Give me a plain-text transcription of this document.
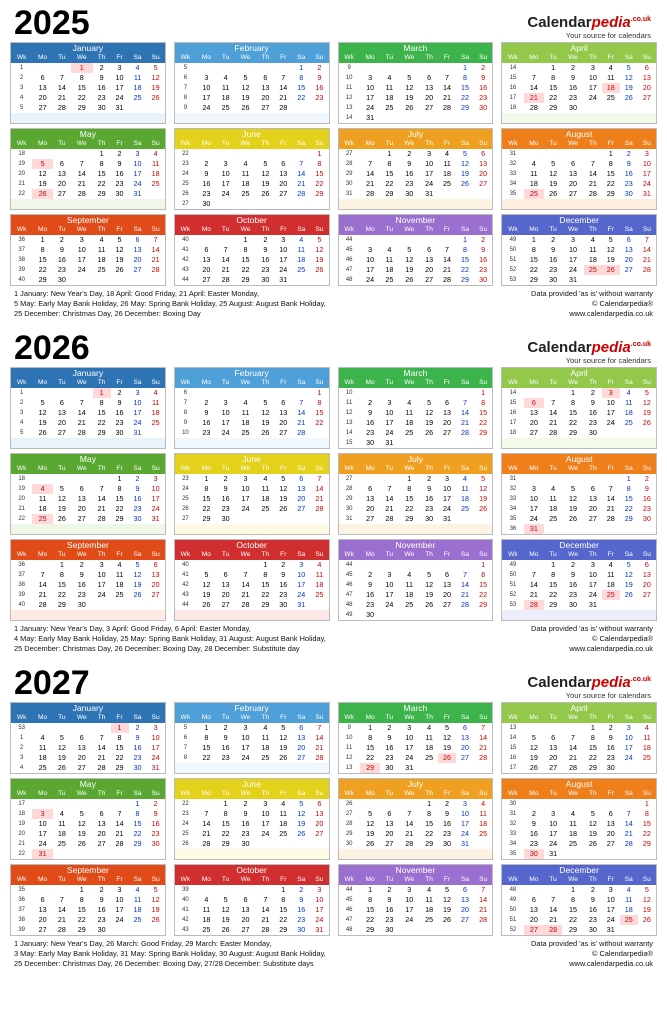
2025	Calendarpedia$^{.co.uk}$
Your source for calendars
January							
Wk	Mo	Tu	We	Th	Fr	Sa	Su
1			1	2	3	4	5
2	6	7	8	9	10	11	12
3	13	14	15	16	17	18	19
4	20	21	22	23	24	25	26
5	27	28	29	30	31		
February							
Wk	Mo	Tu	We	Th	Fr	Sa	Su
5						1	2
6	3	4	5	6	7	8	9
7	10	11	12	13	14	15	16
8	17	18	19	20	21	22	23
9	24	25	26	27	28		
March							
Wk	Mo	Tu	We	Th	Fr	Sa	Su
9						1	2
10	3	4	5	6	7	8	9
11	10	11	12	13	14	15	16
12	17	18	19	20	21	22	23
13	24	25	26	27	28	29	30
14	31						
April							
Wk	Mo	Tu	We	Th	Fr	Sa	Su
14		1	2	3	4	5	6
15	7	8	9	10	11	12	13
16	14	15	16	17	18	19	20
17	21	22	23	24	25	26	27
18	28	29	30				
May							
Wk	Mo	Tu	We	Th	Fr	Sa	Su
18				1	2	3	4
19	5	6	7	8	9	10	11
20	12	13	14	15	16	17	18
21	19	20	21	22	23	24	25
22	26	27	28	29	30	31	
June							
Wk	Mo	Tu	We	Th	Fr	Sa	Su
22							1
23	2	3	4	5	6	7	8
24	9	10	11	12	13	14	15
25	16	17	18	19	20	21	22
26	23	24	25	26	27	28	29
27	30						
July							
Wk	Mo	Tu	We	Th	Fr	Sa	Su
27		1	2	3	4	5	6
28	7	8	9	10	11	12	13
29	14	15	16	17	18	19	20
30	21	22	23	24	25	26	27
31	28	29	30	31			
August							
Wk	Mo	Tu	We	Th	Fr	Sa	Su
31					1	2	3
32	4	5	6	7	8	9	10
33	11	12	13	14	15	16	17
34	18	19	20	21	22	23	24
35	25	26	27	28	29	30	31
September							
Wk	Mo	Tu	We	Th	Fr	Sa	Su
36	1	2	3	4	5	6	7
37	8	9	10	11	12	13	14
38	15	16	17	18	19	20	21
39	22	23	24	25	26	27	28
40	29	30					
October							
Wk	Mo	Tu	We	Th	Fr	Sa	Su
40			1	2	3	4	5
41	6	7	8	9	10	11	12
42	13	14	15	16	17	18	19
43	20	21	22	23	24	25	26
44	27	28	29	30	31		
November							
Wk	Mo	Tu	We	Th	Fr	Sa	Su
44						1	2
45	3	4	5	6	7	8	9
46	10	11	12	13	14	15	16
47	17	18	19	20	21	22	23
48	24	25	26	27	28	29	30
December							
Wk	Mo	Tu	We	Th	Fr	Sa	Su
49	1	2	3	4	5	6	7
50	8	9	10	11	12	13	14
51	15	16	17	18	19	20	21
52	22	23	24	25	26	27	28
53	29	30	31				
1 January: New Year's Day, 18 April: Good Friday, 21 April: Easter Monday,
5 May: Early May Bank Holiday, 26 May: Spring Bank Holiday, 25 August: August Bank Holiday,
25 December: Christmas Day, 26 December: Boxing Day
Data provided 'as is' without warranty
© Calendarpedia®
www.calendarpedia.co.uk
2026	Calendarpedia$^{.co.uk}$
Your source for calendars
January							
Wk	Mo	Tu	We	Th	Fr	Sa	Su
1				1	2	3	4
2	5	6	7	8	9	10	11
3	12	13	14	15	16	17	18
4	19	20	21	22	23	24	25
5	26	27	28	29	30	31	
February							
Wk	Mo	Tu	We	Th	Fr	Sa	Su
6							1
7	2	3	4	5	6	7	8
8	9	10	11	12	13	14	15
9	16	17	18	19	20	21	22
10	23	24	25	26	27	28	
March							
Wk	Mo	Tu	We	Th	Fr	Sa	Su
10							1
11	2	3	4	5	6	7	8
12	9	10	11	12	13	14	15
13	16	17	18	19	20	21	22
14	23	24	25	26	27	28	29
15	30	31					
April							
Wk	Mo	Tu	We	Th	Fr	Sa	Su
14			1	2	3	4	5
15	6	7	8	9	10	11	12
16	13	14	15	16	17	18	19
17	20	21	22	23	24	25	26
18	27	28	29	30			
May							
Wk	Mo	Tu	We	Th	Fr	Sa	Su
18					1	2	3
19	4	5	6	7	8	9	10
20	11	12	13	14	15	16	17
21	18	19	20	21	22	23	24
22	25	26	27	28	29	30	31
June							
Wk	Mo	Tu	We	Th	Fr	Sa	Su
23	1	2	3	4	5	6	7
24	8	9	10	11	12	13	14
25	15	16	17	18	19	20	21
26	22	23	24	25	26	27	28
27	29	30					
July							
Wk	Mo	Tu	We	Th	Fr	Sa	Su
27			1	2	3	4	5
28	6	7	8	9	10	11	12
29	13	14	15	16	17	18	19
30	20	21	22	23	24	25	26
31	27	28	29	30	31		
August							
Wk	Mo	Tu	We	Th	Fr	Sa	Su
31						1	2
32	3	4	5	6	7	8	9
33	10	11	12	13	14	15	16
34	17	18	19	20	21	22	23
35	24	25	26	27	28	29	30
36	31						
September							
Wk	Mo	Tu	We	Th	Fr	Sa	Su
36		1	2	3	4	5	6
37	7	8	9	10	11	12	13
38	14	15	16	17	18	19	20
39	21	22	23	24	25	26	27
40	28	29	30				
October							
Wk	Mo	Tu	We	Th	Fr	Sa	Su
40				1	2	3	4
41	5	6	7	8	9	10	11
42	12	13	14	15	16	17	18
43	19	20	21	22	23	24	25
44	26	27	28	29	30	31	
November							
Wk	Mo	Tu	We	Th	Fr	Sa	Su
44							1
45	2	3	4	5	6	7	8
46	9	10	11	12	13	14	15
47	16	17	18	19	20	21	22
48	23	24	25	26	27	28	29
49	30						
December							
Wk	Mo	Tu	We	Th	Fr	Sa	Su
49		1	2	3	4	5	6
50	7	8	9	10	11	12	13
51	14	15	16	17	18	19	20
52	21	22	23	24	25	26	27
53	28	29	30	31			
1 January: New Year's Day, 3 April: Good Friday, 6 April: Easter Monday,
4 May: Early May Bank Holiday, 25 May: Spring Bank Holiday, 31 August: August Bank Holiday,
25 December: Christmas Day, 26 December: Boxing Day, 28 December: Substitute day
Data provided 'as is' without warranty
© Calendarpedia®
www.calendarpedia.co.uk
2027	Calendarpedia$^{.co.uk}$
Your source for calendars
January							
Wk	Mo	Tu	We	Th	Fr	Sa	Su
53					1	2	3
1	4	5	6	7	8	9	10
2	11	12	13	14	15	16	17
3	18	19	20	21	22	23	24
4	25	26	27	28	29	30	31
February							
Wk	Mo	Tu	We	Th	Fr	Sa	Su
5	1	2	3	4	5	6	7
6	8	9	10	11	12	13	14
7	15	16	17	18	19	20	21
8	22	23	24	25	26	27	28
March							
Wk	Mo	Tu	We	Th	Fr	Sa	Su
9	1	2	3	4	5	6	7
10	8	9	10	11	12	13	14
11	15	16	17	18	19	20	21
12	22	23	24	25	26	27	28
13	29	30	31				
April							
Wk	Mo	Tu	We	Th	Fr	Sa	Su
13				1	2	3	4
14	5	6	7	8	9	10	11
15	12	13	14	15	16	17	18
16	19	20	21	22	23	24	25
17	26	27	28	29	30		
May							
Wk	Mo	Tu	We	Th	Fr	Sa	Su
17						1	2
18	3	4	5	6	7	8	9
19	10	11	12	13	14	15	16
20	17	18	19	20	21	22	23
21	24	25	26	27	28	29	30
22	31						
June							
Wk	Mo	Tu	We	Th	Fr	Sa	Su
22		1	2	3	4	5	6
23	7	8	9	10	11	12	13
24	14	15	16	17	18	19	20
25	21	22	23	24	25	26	27
26	28	29	30				
July							
Wk	Mo	Tu	We	Th	Fr	Sa	Su
26				1	2	3	4
27	5	6	7	8	9	10	11
28	12	13	14	15	16	17	18
29	19	20	21	22	23	24	25
30	26	27	28	29	30	31	
August							
Wk	Mo	Tu	We	Th	Fr	Sa	Su
30							1
31	2	3	4	5	6	7	8
32	9	10	11	12	13	14	15
33	16	17	18	19	20	21	22
34	23	24	25	26	27	28	29
35	30	31					
September							
Wk	Mo	Tu	We	Th	Fr	Sa	Su
35			1	2	3	4	5
36	6	7	8	9	10	11	12
37	13	14	15	16	17	18	19
38	20	21	22	23	24	25	26
39	27	28	29	30			
October							
Wk	Mo	Tu	We	Th	Fr	Sa	Su
39					1	2	3
40	4	5	6	7	8	9	10
41	11	12	13	14	15	16	17
42	18	19	20	21	22	23	24
43	25	26	27	28	29	30	31
November							
Wk	Mo	Tu	We	Th	Fr	Sa	Su
44	1	2	3	4	5	6	7
45	8	9	10	11	12	13	14
46	15	16	17	18	19	20	21
47	22	23	24	25	26	27	28
48	29	30					
December							
Wk	Mo	Tu	We	Th	Fr	Sa	Su
48			1	2	3	4	5
49	6	7	8	9	10	11	12
50	13	14	15	16	17	18	19
51	20	21	22	23	24	25	26
52	27	28	29	30	31		
1 January: New Year's Day, 26 March: Good Friday, 29 March: Easter Monday,
3 May: Early May Bank Holiday, 31 May: Spring Bank Holiday, 30 August: August Bank Holiday,
25 December: Christmas Day, 26 December: Boxing Day, 27/28 December: Substitute days
Data provided 'as is' without warranty
© Calendarpedia®
www.calendarpedia.co.uk
